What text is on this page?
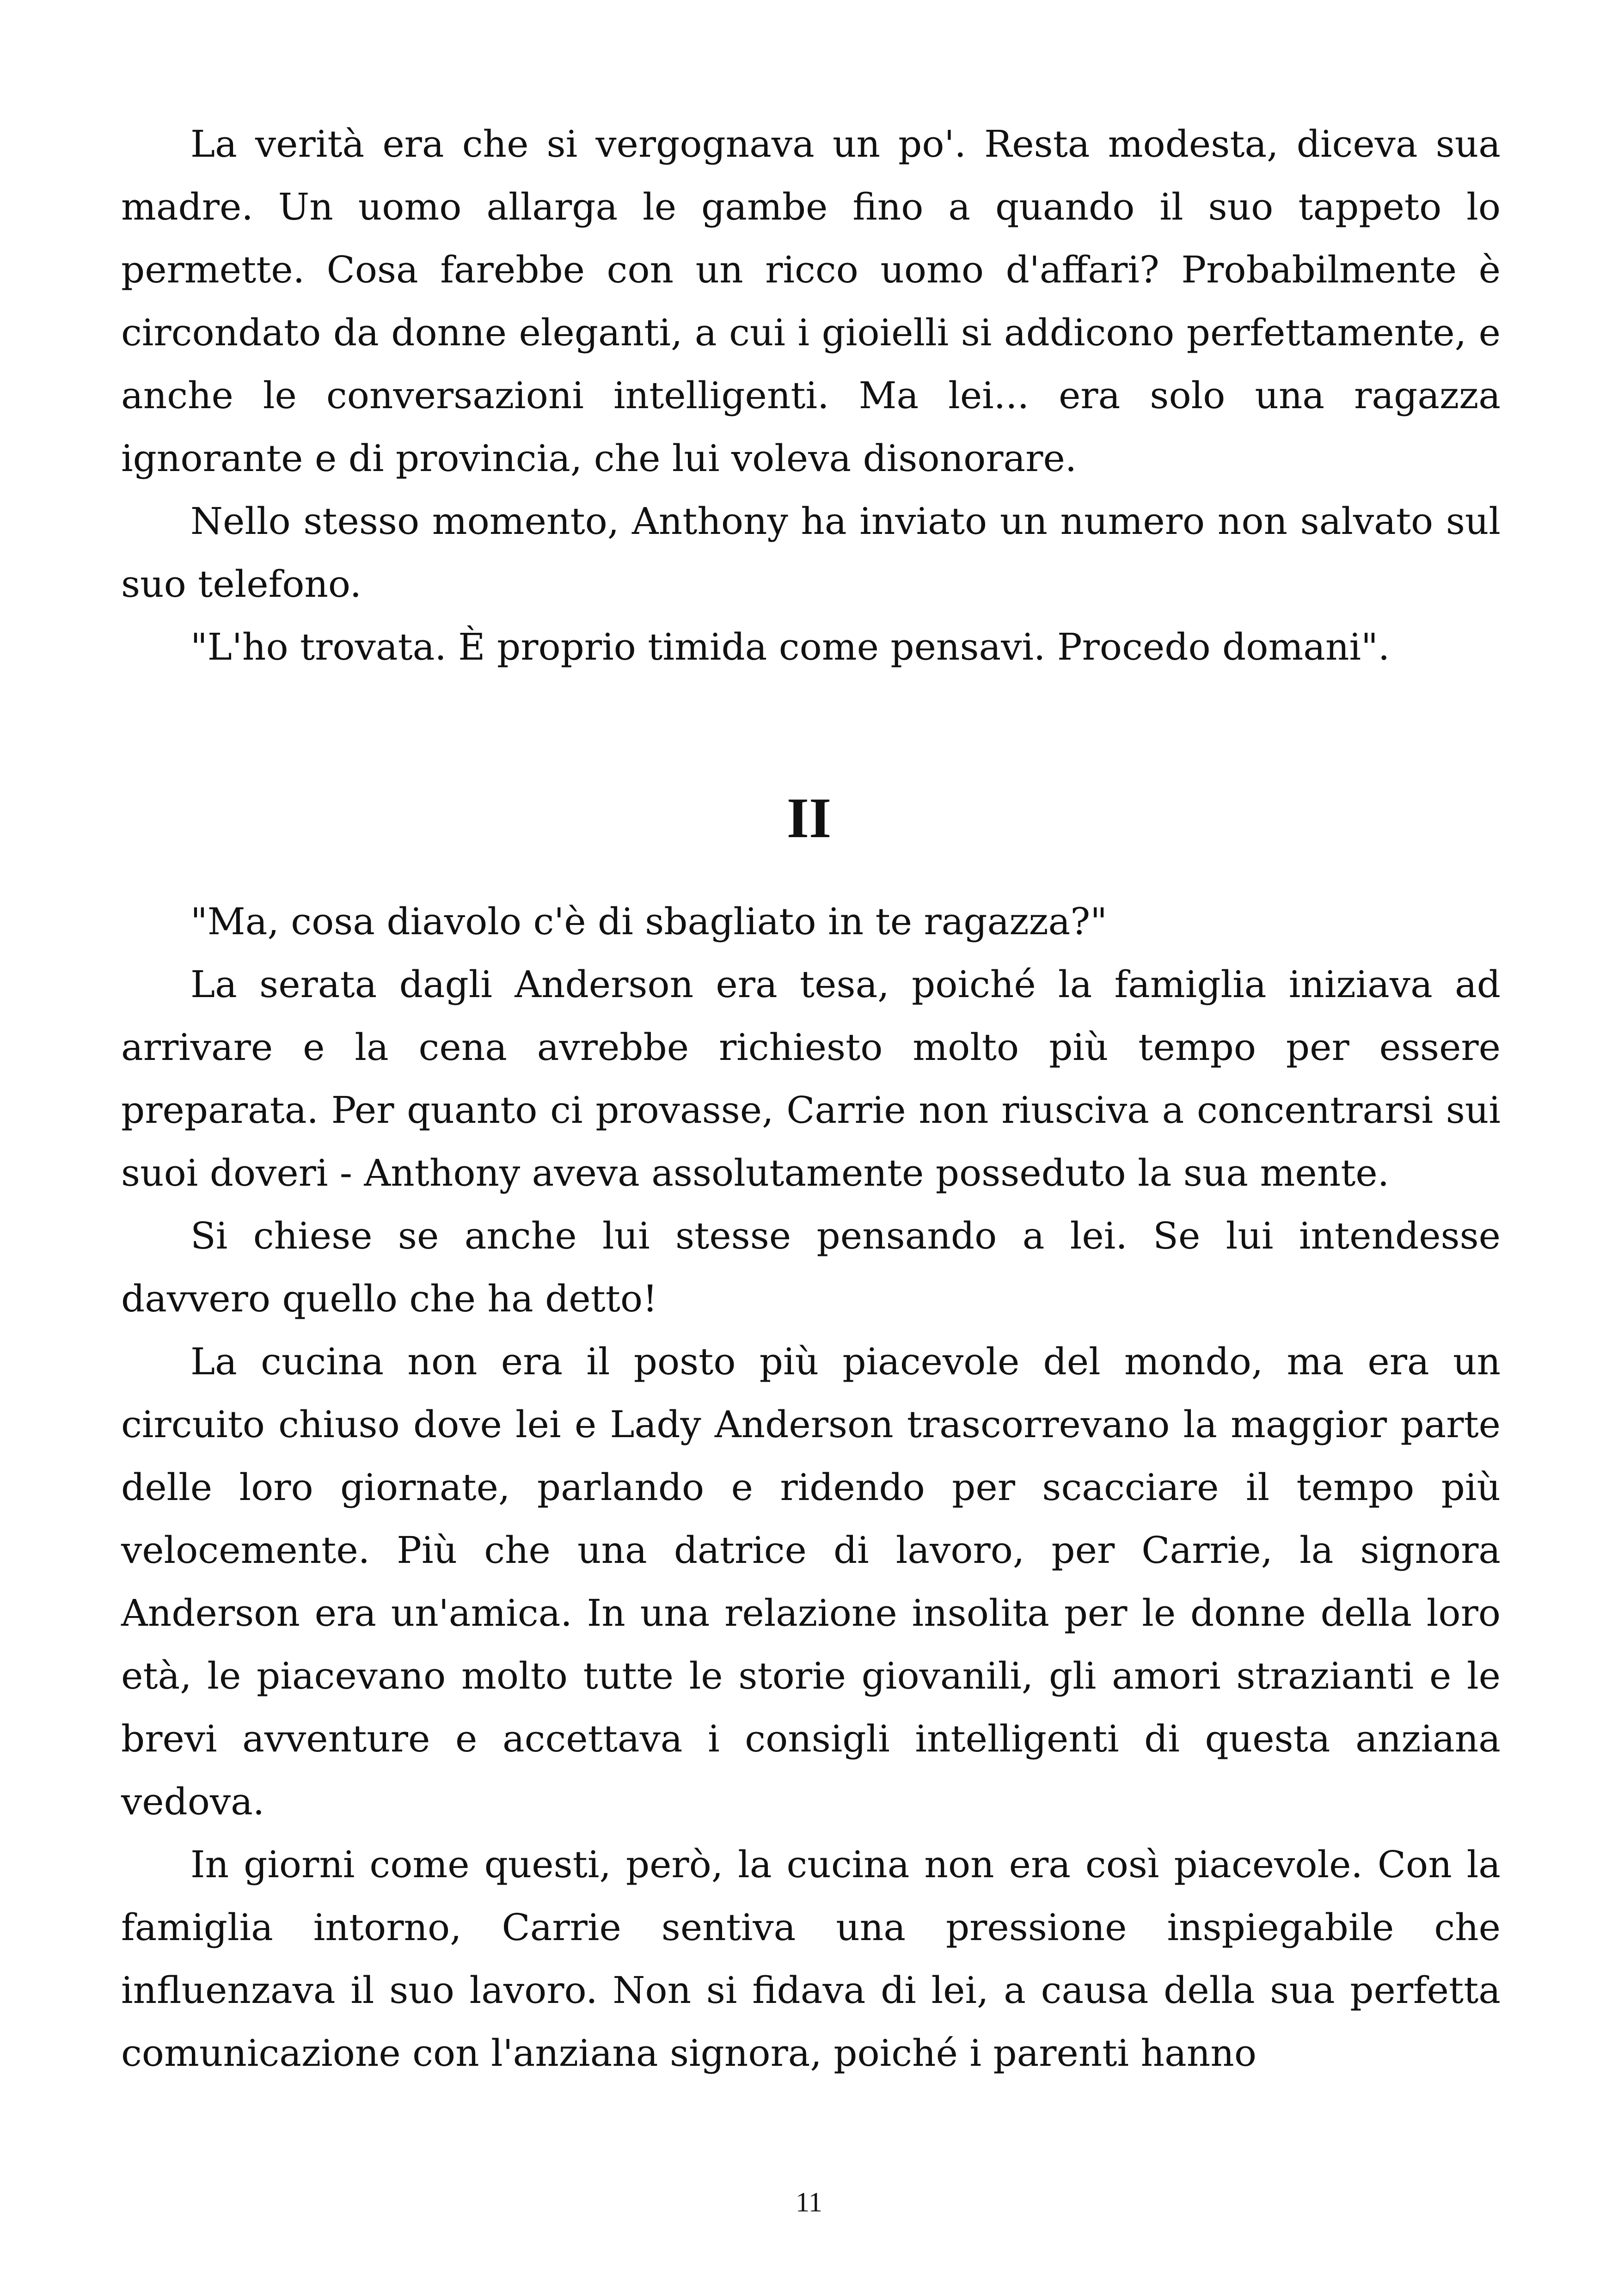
La verità era che si vergognava un po'. Resta modesta, diceva sua madre. Un uomo allarga le gambe fino a quando il suo tappeto lo permette. Cosa farebbe con un ricco uomo d'affari? Probabilmente è circondato da donne eleganti, a cui i gioielli si addicono perfettamente, e anche le conversazioni intelligenti. Ma lei... era solo una ragazza ignorante e di provincia, che lui voleva disonorare.

Nello stesso momento, Anthony ha inviato un numero non salvato sul suo telefono.

"L'ho trovata. È proprio timida come pensavi. Procedo domani".

II

"Ma, cosa diavolo c'è di sbagliato in te ragazza?"

La serata dagli Anderson era tesa, poiché la famiglia iniziava ad arrivare e la cena avrebbe richiesto molto più tempo per essere preparata. Per quanto ci provasse, Carrie non riusciva a concentrarsi sui suoi doveri - Anthony aveva assolutamente posseduto la sua mente.

Si chiese se anche lui stesse pensando a lei. Se lui intendesse davvero quello che ha detto!

La cucina non era il posto più piacevole del mondo, ma era un circuito chiuso dove lei e Lady Anderson trascorrevano la maggior parte delle loro giornate, parlando e ridendo per scacciare il tempo più velocemente. Più che una datrice di lavoro, per Carrie, la signora Anderson era un'amica. In una relazione insolita per le donne della loro età, le piacevano molto tutte le storie giovanili, gli amori strazianti e le brevi avventure e accettava i consigli intelligenti di questa anziana vedova.

In giorni come questi, però, la cucina non era così piacevole. Con la famiglia intorno, Carrie sentiva una pressione inspiegabile che influenzava il suo lavoro. Non si fidava di lei, a causa della sua perfetta comunicazione con l'anziana signora, poiché i parenti hanno

11
